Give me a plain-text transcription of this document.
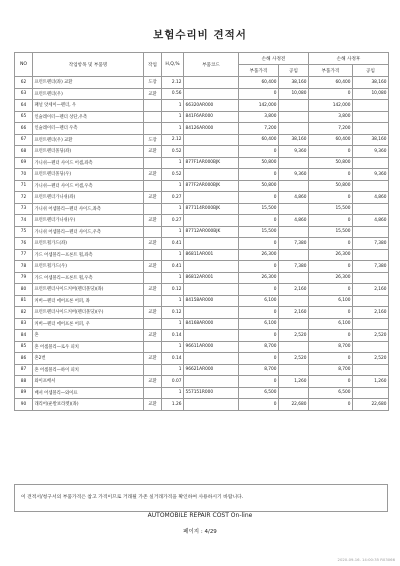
보험수리비 견적서
NO	작업항목 및 부품명	작업	H,Q,%	부품코드	손해 사정전		손해 사정후	
					부품가격	공임	부품가격	공임
62	프런트펜더(좌) 교환	도장	2.12		60,400	38,160	60,400	38,160
63	프런트펜더(우)	교환	0.56		0	10,080	0	10,080
64	패널 앗세이—펜더, 우		1	66320AR000	142,000		142,000	
65	인슐레이터—펜더 상단,우측		1	841F6AR000	3,800		3,800	
66	인슐레이터—펜더 우측		1	84126AR000	7,200		7,200	
67	프런트펜더(우) 교환	도장	2.12		60,400	38,160	60,400	38,160
68	프런트펜더몰딩(좌)	교환	0.52		0	9,360	0	9,360
69	가니쉬—펜더 사이드 어셈,좌측		1	877F1AR000BJK	50,800		50,800	
70	프런트펜더몰딩(우)	교환	0.52		0	9,360	0	9,360
71	가니쉬—펜더 사이드 어셈,우측		1	877F2AR000BJK	50,800		50,800	
72	프런트펜더가니쉬(좌)	교환	0.27		0	4,860	0	4,860
73	가니쉬 어셈블리—펜더 사이드,좌측		1	877114R000BJK	15,500		15,500	
74	프런트펜더가니쉬(우)	교환	0.27		0	4,860	0	4,860
75	가니쉬 어셈블리—펜더 사이드,우측		1	87712AR000BJK	15,500		15,500	
76	프런트휠가드(좌)	교환	0.41		0	7,380	0	7,380
77	가드 어셈블리—프론트 휠,좌측		1	86811AR001	26,300		26,300	
78	프런트휠가드(우)	교환	0.41		0	7,380	0	7,380
79	가드 어셈블리—프론트 휠,우측		1	86812AR001	26,300		26,300	
80	프런트펜더사이드커버(펜더몰딩)(좌)	교환	0.12		0	2,160	0	2,160
81	커버—펜더 에어프론 어퍼, 좌		1	84158AR000	6,100		6,100	
82	프런트펜더사이드커버(펜더몰딩)(우)	교환	0.12		0	2,160	0	2,160
83	커버—펜더 에어프론 어퍼, 우		1	84168AR000	6,100		6,100	
84	혼	교환	0.14		0	2,520	0	2,520
85	혼 어셈블리—로우 피치		1	96611AR000	8,700		8,700	
86	혼2번	교환	0.14		0	2,520	0	2,520
87	혼 어셈블리—하이 피치		1	96621AR000	8,700		8,700	
88	와이프배셔	교환	0.07		0	1,260	0	1,260
89	배셔 어셈블리—와이프		1	557151R000	6,500		6,500	
90	래리어(운발보라켓)(좌)	교환	1.26		0	22,680	0	22,680
이 견적서/청구서의 부품가격은 참고 가격이므로 거래될 가존 실거래가격을 확인하여 사용하시기 바랍니다.
AUTOMOBILE REPAIR COST On-line
페이지 : 4/29
2020-09-16. 14:00:35 R03066
